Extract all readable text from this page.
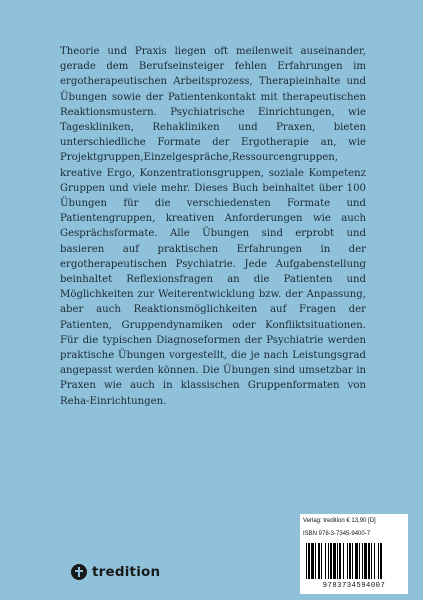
Theorie und Praxis liegen oft meilenweit auseinander, gerade dem Berufseinsteiger fehlen Erfahrungen im ergotherapeutischen Arbeitsprozess, Therapieinhalte und Übungen sowie der Patientenkontakt mit therapeutischen Reaktionsmustern. Psychiatrische Einrichtungen, wie Tageskliniken, Rehakliniken und Praxen, bieten unterschiedliche Formate der Ergotherapie an, wie Projektgruppen,Einzelgespräche,Ressourcengruppen, kreative Ergo, Konzentrationsgruppen, soziale Kompetenz Gruppen und viele mehr. Dieses Buch beinhaltet über 100 Übungen für die verschiedensten Formate und Patientengruppen, kreativen Anforderungen wie auch Gesprächsformate. Alle Übungen sind erprobt und basieren auf praktischen Erfahrungen in der ergotherapeutischen Psychiatrie. Jede Aufgabenstellung beinhaltet Reflexionsfragen an die Patienten und Möglichkeiten zur Weiterentwicklung bzw. der Anpassung, aber auch Reaktionsmöglichkeiten auf Fragen der Patienten, Gruppendynamiken oder Konfliktsituationen. Für die typischen Diagnoseformen der Psychiatrie werden praktische Übungen vorgestellt, die je nach Leistungsgrad angepasst werden können. Die Übungen sind umsetzbar in Praxen wie auch in klassischen Gruppenformaten von Reha-Einrichtungen.

tredition
Verlag: tredition € 13,90 [D]
ISBN 978-3-7345-9400-7
9783734594007
